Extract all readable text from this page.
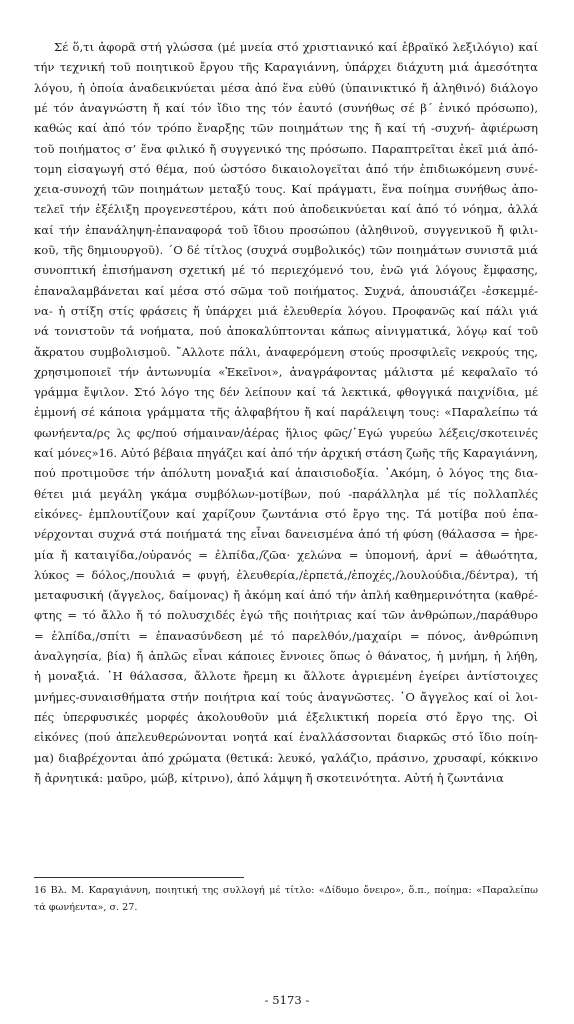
Σέ ὅ,τι ἀφορᾶ στή γλώσσα (μέ μνεία στό χριστιανικό καί ἑβραϊκό λεξιλόγιο) καί
τήν τεχνική τοῦ ποιητικοῦ ἔργου τῆς Καραγιάννη, ὑπάρχει διάχυτη μιά ἀμεσότητα
λόγου, ἡ ὁποία ἀναδεικνύεται μέσα ἀπό ἕνα εὐθύ (ὑπαινικτικό ἤ ἀληθινό) διάλογο
μέ τόν ἀναγνώστη ἤ καί τόν ἴδιο της τόν ἑαυτό (συνήθως σέ β΄ ἑνικό πρόσωπο),
καθώς καί ἀπό τόν τρόπο ἔναρξης τῶν ποιημάτων της ἤ καί τή -συχνή- ἀφιέρωση
τοῦ ποιήματος σ’ ἕνα φιλικό ἤ συγγενικό της πρόσωπο. Παραπτρεῖται ἐκεῖ μιά ἀπό-
τομη εἰσαγωγή στό θέμα, πού ὡστόσο δικαιολογεῖται ἀπό τήν ἐπιδιωκόμενη συνέ-
χεια-συνοχή τῶν ποιημάτων μεταξύ τους. Καί πράγματι, ἕνα ποίημα συνήθως ἀπο-
τελεῖ τήν ἐξέλιξη προγενεστέρου, κάτι πού ἀποδεικνύεται καί ἀπό τό νόημα, ἀλλά
καί τήν ἐπανάληψη-ἐπαναφορά τοῦ ἴδιου προσώπου (ἀληθινοῦ, συγγενικοῦ ἤ φιλι-
κοῦ, τῆς δημιουργοῦ). ΄Ο δέ τίτλος (συχνά συμβολικός) τῶν ποιημάτων συνιστᾶ μιά
συνοπτική ἐπισήμανση σχετική μέ τό περιεχόμενό του, ἐνῶ γιά λόγους ἔμφασης,
ἐπαναλαμβάνεται καί μέσα στό σῶμα τοῦ ποιήματος. Συχνά, ἀπουσιάζει -ἐσκεμμέ-
να- ἡ στίξη στίς φράσεις ἤ ὑπάρχει μιά ἐλευθερία λόγου. Προφανῶς καί πάλι γιά
νά τονιστοῦν τά νοήματα, πού ἀποκαλύπτονται κάπως αἰνιγματικά, λόγῳ καί τοῦ
ἄκρατου συμβολισμοῦ. ῎Αλλοτε πάλι, ἀναφερόμενη στούς προσφιλεῖς νεκρούς της,
χρησιμοποιεῖ τήν ἀντωνυμία «Ἐκεῖνοι», ἀναγράφοντας μάλιστα μέ κεφαλαῖο τό
γράμμα ἔψιλον. Στό λόγο της δέν λείπουν καί τά λεκτικά, φθογγικά παιχνίδια, μέ
ἐμμονή σέ κάποια γράμματα τῆς ἀλφαβήτου ἤ καί παράλειψη τους: «Παραλείπω τά
φωνήεντα/ρς λς φς/πού σήμαιναν/ἀέρας ἥλιος φῶς/῾Εγώ γυρεύω λέξεις/σκοτεινές
καί μόνες»16. Αὐτό βέβαια πηγάζει καί ἀπό τήν ἀρχική στάση ζωῆς τῆς Καραγιάννη,
πού προτιμοῦσε τήν ἀπόλυτη μοναξιά καί ἀπαισιοδοξία. ᾿Ακόμη, ὁ λόγος της δια-
θέτει μιά μεγάλη γκάμα συμβόλων-μοτίβων, πού -παράλληλα μέ τίς πολλαπλές
εἰκόνες- ἐμπλουτίζουν καί χαρίζουν ζωντάνια στό ἔργο της. Τά μοτίβα πού ἐπα-
νέρχονται συχνά στά ποιήματά της εἶναι δανεισμένα ἀπό τή φύση (θάλασσα = ἠρε-
μία ἤ καταιγίδα,/οὐρανός = ἐλπίδα,/ζῶα· χελώνα = ὑπομονή, ἀρνί = ἀθωότητα,
λύκος = δόλος,/πουλιά = φυγή, ἐλευθερία,/ἑρπετά,/ἐποχές,/λουλούδια,/δέντρα), τή
μεταφυσική (ἄγγελος, δαίμονας) ἤ ἀκόμη καί ἀπό τήν ἁπλή καθημερινότητα (καθρέ-
φτης = τό ἄλλο ἤ τό πολυσχιδές ἐγώ τῆς ποιήτριας καί τῶν ἀνθρώπων,/παράθυρο
= ἐλπίδα,/σπίτι = ἐπανασύνδεση μέ τό παρελθόν,/μαχαίρι = πόνος, ἀνθρώπινη
ἀναλγησία, βία) ἤ ἁπλῶς εἶναι κάποιες ἔννοιες ὅπως ὁ θάνατος, ἡ μνήμη, ἡ λήθη,
ἡ μοναξιά. ῾Η θάλασσα, ἄλλοτε ἤρεμη κι ἄλλοτε ἀγριεμένη ἐγείρει ἀντίστοιχες
μνήμες-συναισθήματα στήν ποιήτρια καί τούς ἀναγνῶστες. ῾Ο ἄγγελος καί οἱ λοι-
πές ὑπερφυσικές μορφές ἀκολουθοῦν μιά ἐξελικτική πορεία στό ἔργο της. Οἱ
εἰκόνες (πού ἀπελευθερώνονται νοητά καί ἐναλλάσσονται διαρκῶς στό ἴδιο ποίη-
μα) διαβρέχονται ἀπό χρώματα (θετικά: λευκό, γαλάζιο, πράσινο, χρυσαφί, κόκκινο
ἤ ἀρνητικά: μαῦρο, μώβ, κίτρινο), ἀπό λάμψη ἤ σκοτεινότητα. Αὐτή ἡ ζωντάνια
16 Βλ. Μ. Καραγιάννη, ποιητική της συλλογή μέ τίτλο: «Δίδυμο ὄνειρο», ὅ.π., ποίημα: «Παραλείπω
τά φωνήεντα», σ. 27.
- 5173 -
